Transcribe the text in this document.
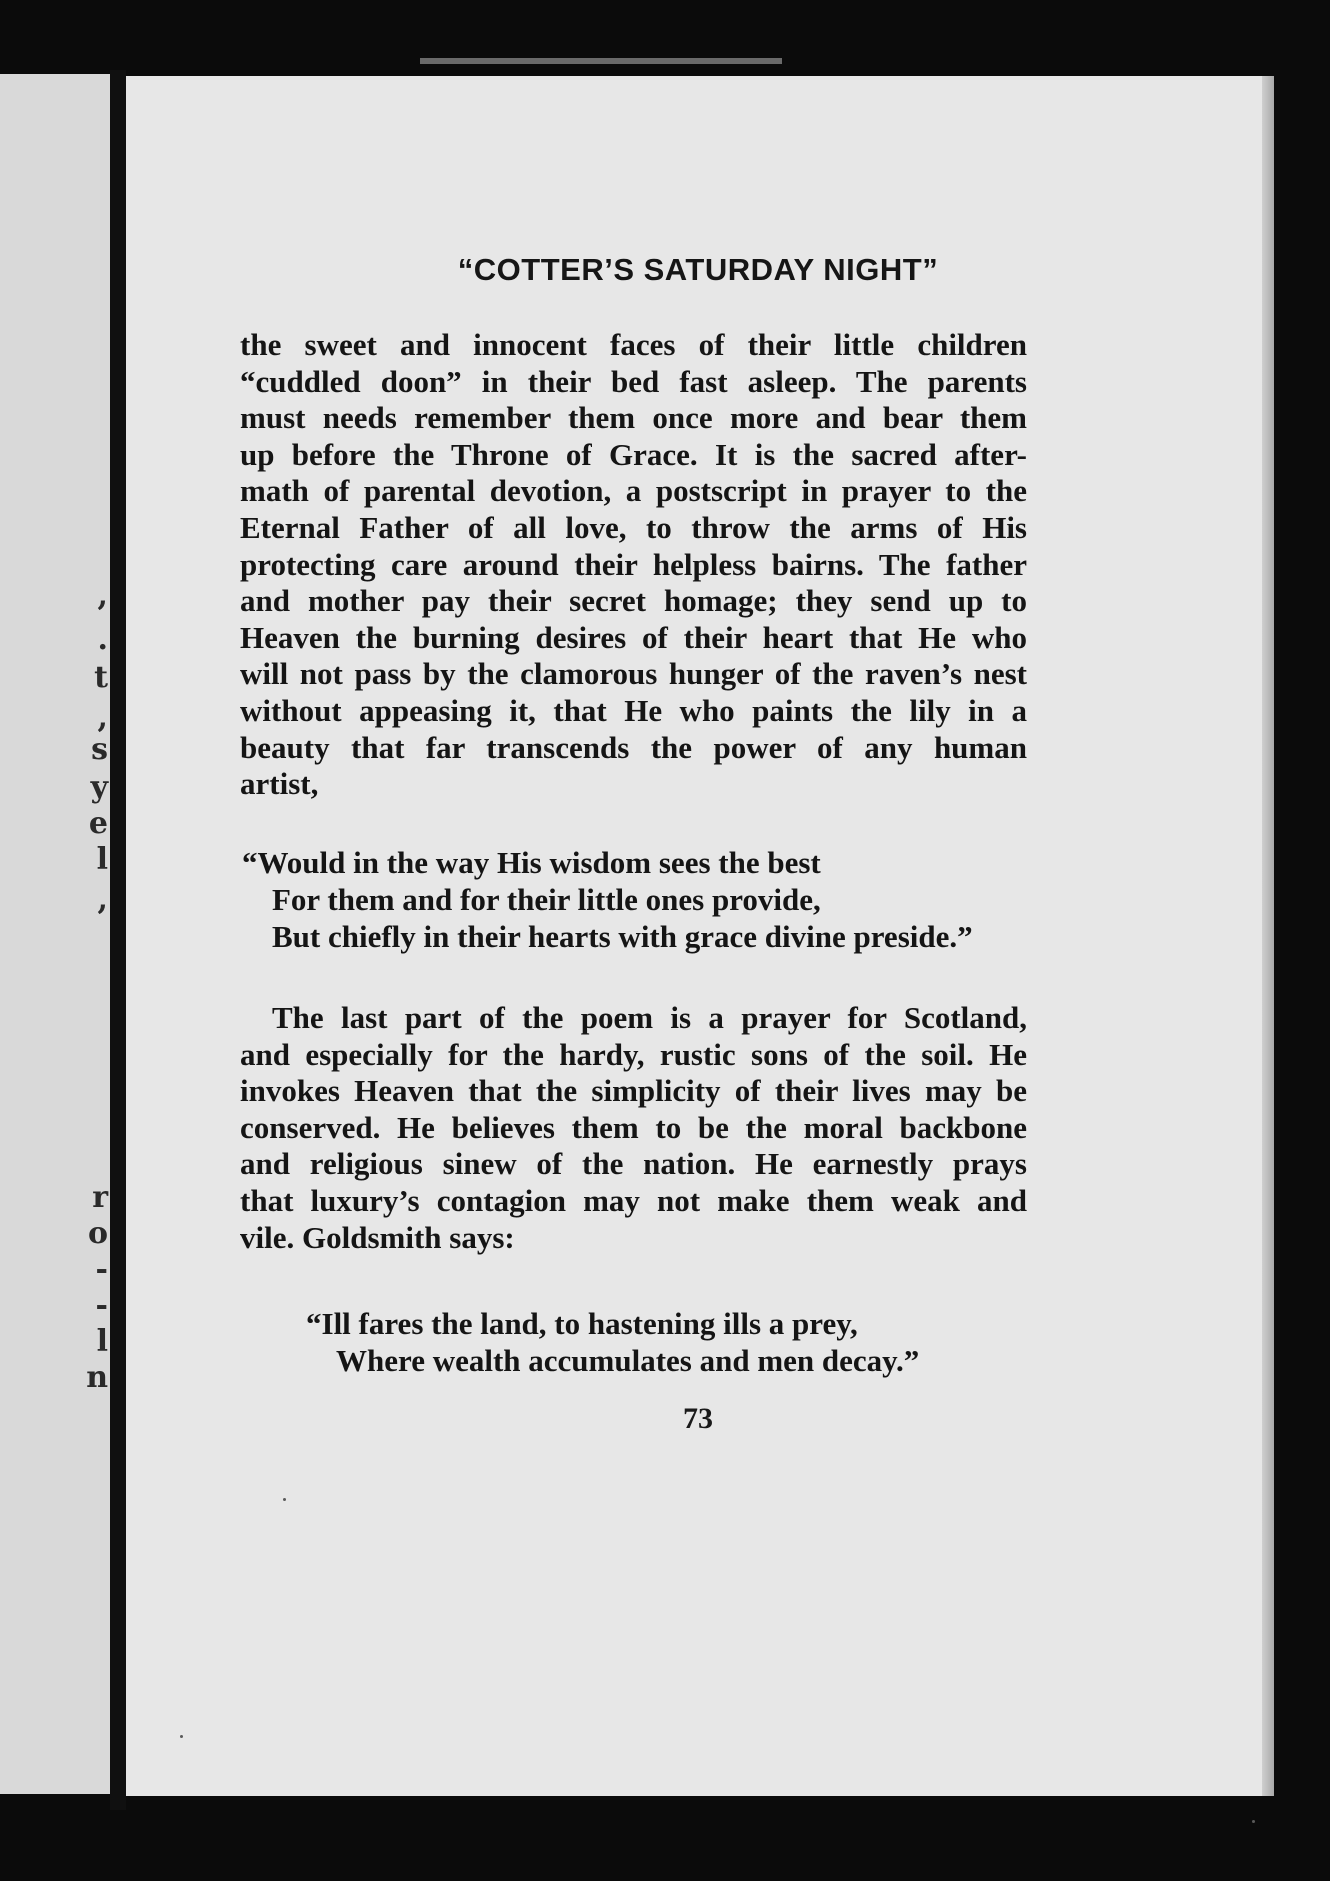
,
.
t
,
s
y
e
l
,
r
o
-
-
l
n
“COTTER’S SATURDAY NIGHT”
the sweet and innocent faces of their little children
“cuddled doon” in their bed fast asleep. The parents
must needs remember them once more and bear them
up before the Throne of Grace. It is the sacred after-
math of parental devotion, a postscript in prayer to the
Eternal Father of all love, to throw the arms of His
protecting care around their helpless bairns. The father
and mother pay their secret homage; they send up to
Heaven the burning desires of their heart that He who
will not pass by the clamorous hunger of the raven’s nest
without appeasing it, that He who paints the lily in a
beauty that far transcends the power of any human
artist,
“Would in the way His wisdom sees the best
For them and for their little ones provide,
But chiefly in their hearts with grace divine preside.”
The last part of the poem is a prayer for Scotland,
and especially for the hardy, rustic sons of the soil. He
invokes Heaven that the simplicity of their lives may be
conserved. He believes them to be the moral backbone
and religious sinew of the nation. He earnestly prays
that luxury’s contagion may not make them weak and
vile. Goldsmith says:
“Ill fares the land, to hastening ills a prey,
Where wealth accumulates and men decay.”

73
